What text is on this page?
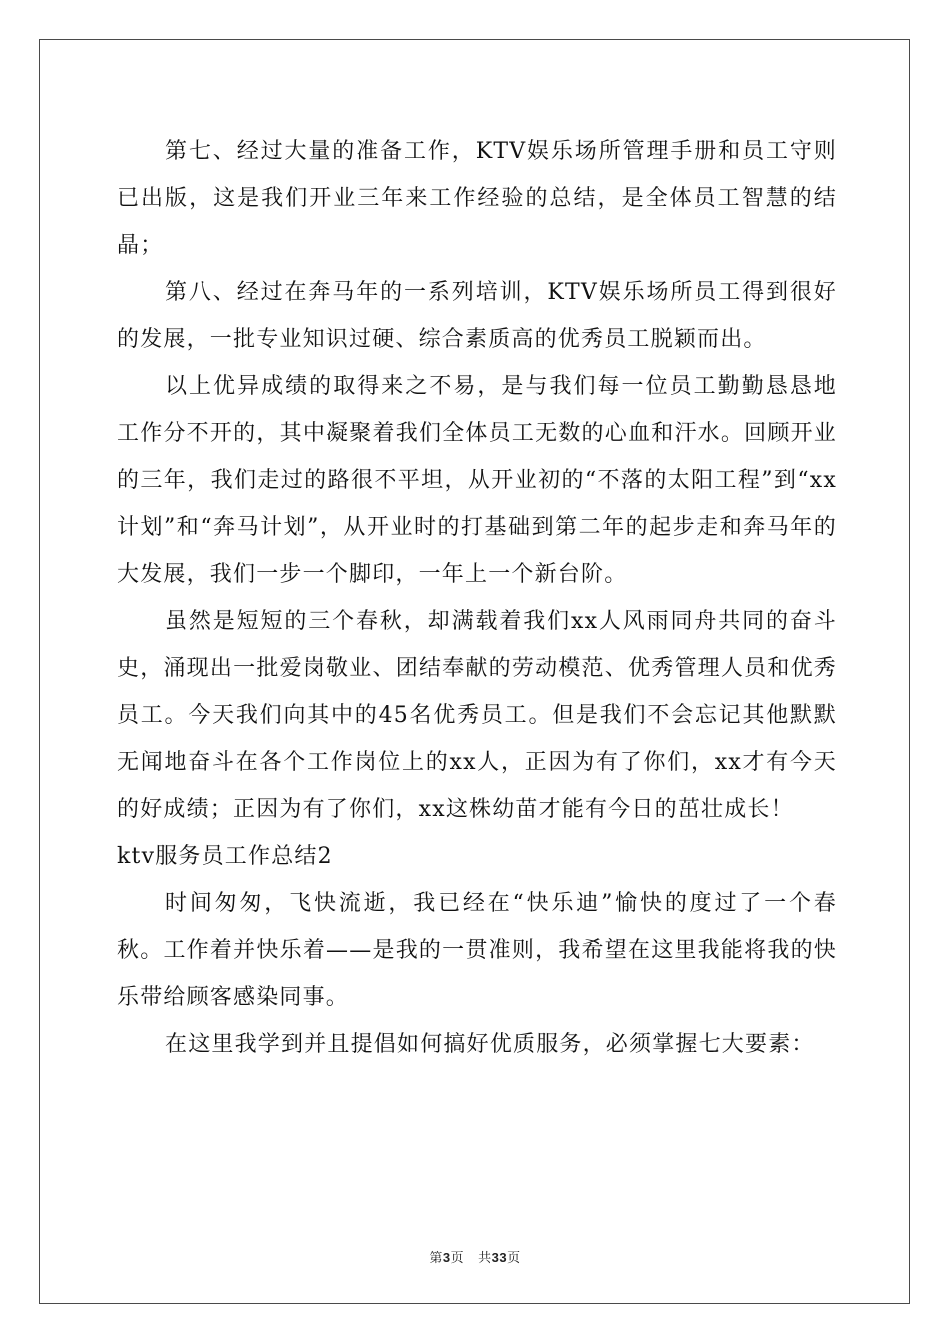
第七、经过大量的准备工作，KTV娱乐场所管理手册和员工守则已出版，这是我们开业三年来工作经验的总结，是全体员工智慧的结晶；

第八、经过在奔马年的一系列培训，KTV娱乐场所员工得到很好的发展，一批专业知识过硬、综合素质高的优秀员工脱颖而出。

以上优异成绩的取得来之不易，是与我们每一位员工勤勤恳恳地工作分不开的，其中凝聚着我们全体员工无数的心血和汗水。回顾开业的三年，我们走过的路很不平坦，从开业初的“不落的太阳工程”到“xx计划”和“奔马计划”，从开业时的打基础到第二年的起步走和奔马年的大发展，我们一步一个脚印，一年上一个新台阶。

虽然是短短的三个春秋，却满载着我们xx人风雨同舟共同的奋斗史，涌现出一批爱岗敬业、团结奉献的劳动模范、优秀管理人员和优秀员工。今天我们向其中的45名优秀员工。但是我们不会忘记其他默默无闻地奋斗在各个工作岗位上的xx人，正因为有了你们，xx才有今天的好成绩；正因为有了你们，xx这株幼苗才能有今日的茁壮成长！

ktv服务员工作总结2

时间匆匆，飞快流逝，我已经在“快乐迪”愉快的度过了一个春秋。工作着并快乐着——是我的一贯准则，我希望在这里我能将我的快乐带给顾客感染同事。

在这里我学到并且提倡如何搞好优质服务，必须掌握七大要素：

第3页 共33页
